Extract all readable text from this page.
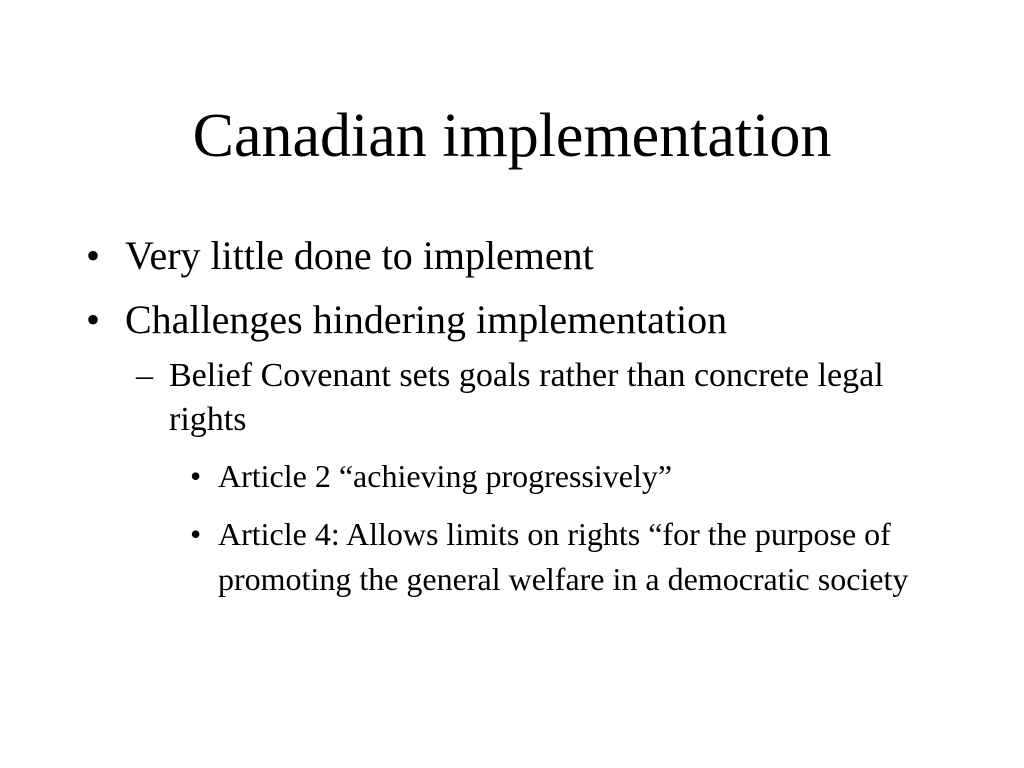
Canadian implementation
• Very little done to implement
• Challenges hindering implementation
– Belief Covenant sets goals rather than concrete legal rights
• Article 2 “achieving progressively”
• Article 4: Allows limits on rights “for the purpose of promoting the general welfare in a democratic society
